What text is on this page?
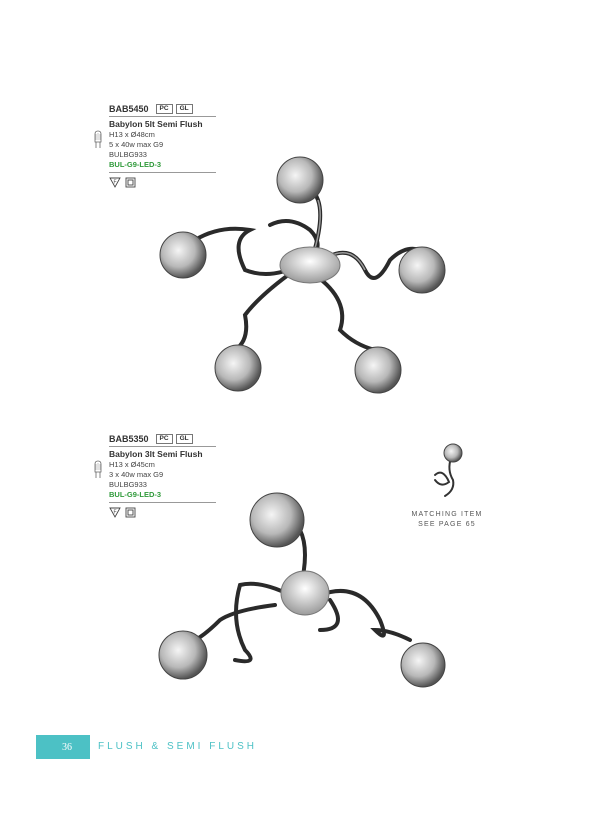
BAB5450	PC	GL
Babylon 5lt Semi Flush
H13 x Ø48cm
5 x 40w max G9
BULBG933
BUL-G9-LED-3
F
BAB5350	PC	GL
Babylon 3lt Semi Flush
H13 x Ø45cm
3 x 40w max G9
BULBG933
BUL-G9-LED-3
F	MATCHING ITEM
SEE PAGE 65
36	FLUSH & SEMI FLUSH
